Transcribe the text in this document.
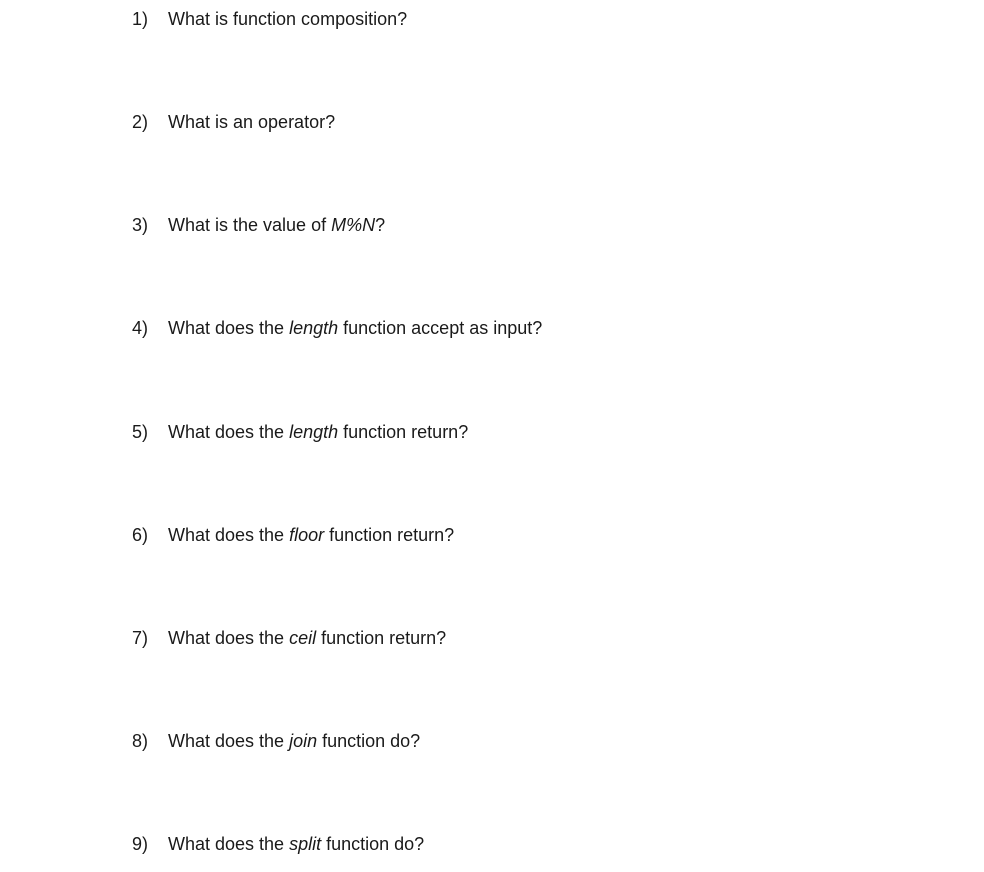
1) What is function composition?
2) What is an operator?
3) What is the value of M%N?
4) What does the length function accept as input?
5) What does the length function return?
6) What does the floor function return?
7) What does the ceil function return?
8) What does the join function do?
9) What does the split function do?
